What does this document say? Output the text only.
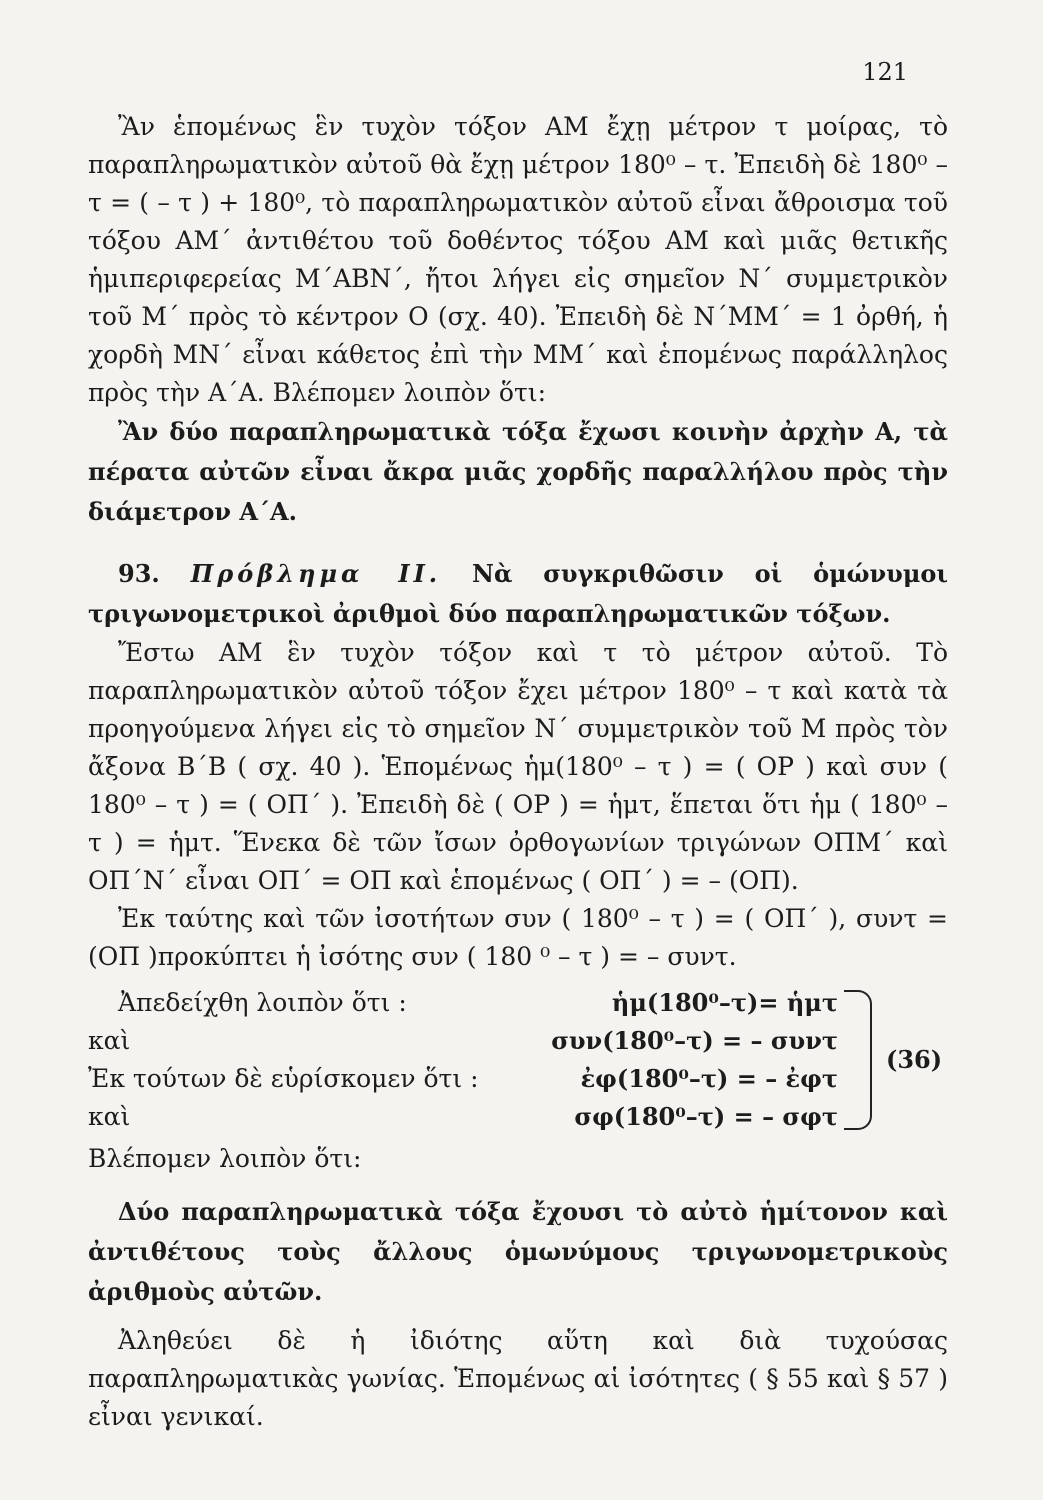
121

Ἂν ἑπομένως ἓν τυχὸν τόξον ΑΜ ἔχῃ μέτρον τ μοίρας, τὸ παραπληρωματικὸν αὐτοῦ θὰ ἔχῃ μέτρον 180⁰ – τ. Ἐπειδὴ δὲ 180⁰ – τ = ( – τ ) + 180⁰, τὸ παραπληρωματικὸν αὐτοῦ εἶναι ἄθροισμα τοῦ τόξου ΑΜ΄ ἀντιθέτου τοῦ δοθέντος τόξου ΑΜ καὶ μιᾶς θετικῆς ἡμιπεριφερείας Μ΄ΑΒΝ΄, ἤτοι λήγει εἰς σημεῖον Ν΄ συμμετρικὸν τοῦ Μ΄ πρὸς τὸ κέντρον Ο (σχ. 40). Ἐπειδὴ δὲ Ν΄ΜΜ΄ = 1 ὀρθή, ἡ χορδὴ ΜΝ΄ εἶναι κάθετος ἐπὶ τὴν ΜΜ΄ καὶ ἑπομένως παράλληλος πρὸς τὴν Α΄Α. Βλέπομεν λοιπὸν ὅτι:

Ἂν δύο παραπληρωματικὰ τόξα ἔχωσι κοινὴν ἀρχὴν Α, τὰ πέρατα αὐτῶν εἶναι ἄκρα μιᾶς χορδῆς παραλλήλου πρὸς τὴν διάμετρον Α΄Α.

93. Πρόβλημα ΙΙ. Νὰ συγκριθῶσιν οἱ ὁμώνυμοι τριγωνομετρικοὶ ἀριθμοὶ δύο παραπληρωματικῶν τόξων.

Ἔστω ΑΜ ἓν τυχὸν τόξον καὶ τ τὸ μέτρον αὐτοῦ. Τὸ παραπληρωματικὸν αὐτοῦ τόξον ἔχει μέτρον 180⁰ – τ καὶ κατὰ τὰ προηγούμενα λήγει εἰς τὸ σημεῖον Ν΄ συμμετρικὸν τοῦ Μ πρὸς τὸν ἄξονα Β΄Β ( σχ. 40 ). Ἑπομένως ἡμ(180⁰ – τ ) = ( ΟΡ ) καὶ συν ( 180⁰ – τ ) = ( ΟΠ΄ ). Ἐπειδὴ δὲ ( ΟΡ ) = ἡμτ, ἕπεται ὅτι ἡμ ( 180⁰ – τ ) = ἡμτ. Ἕνεκα δὲ τῶν ἴσων ὀρθογωνίων τριγώνων ΟΠΜ΄ καὶ ΟΠ΄Ν΄ εἶναι ΟΠ΄ = ΟΠ καὶ ἑπομένως ( ΟΠ΄ ) = – (ΟΠ).

Ἐκ ταύτης καὶ τῶν ἰσοτήτων συν ( 180⁰ – τ ) = ( ΟΠ΄ ), συντ = (ΟΠ )προκύπτει ἡ ἰσότης συν ( 180 ⁰ – τ ) = – συντ.

Ἀπεδείχθη λοιπὸν ὅτι :
καὶ
Ἐκ τούτων δὲ εὑρίσκομεν ὅτι :
καὶ
ἡμ(180⁰–τ)= ἡμτ
συν(180⁰–τ) = – συντ
ἐφ(180⁰–τ) = – ἐφτ
σφ(180⁰–τ) = – σφτ
(36)

Βλέπομεν λοιπὸν ὅτι:

Δύο παραπληρωματικὰ τόξα ἔχουσι τὸ αὐτὸ ἡμίτονον καὶ ἀντιθέτους τοὺς ἄλλους ὁμωνύμους τριγωνομετρικοὺς ἀριθμοὺς αὐτῶν.

Ἀληθεύει δὲ ἡ ἰδιότης αὕτη καὶ διὰ τυχούσας παραπληρωματικὰς γωνίας. Ἑπομένως αἱ ἰσότητες ( § 55 καὶ § 57 ) εἶναι γενικαί.
